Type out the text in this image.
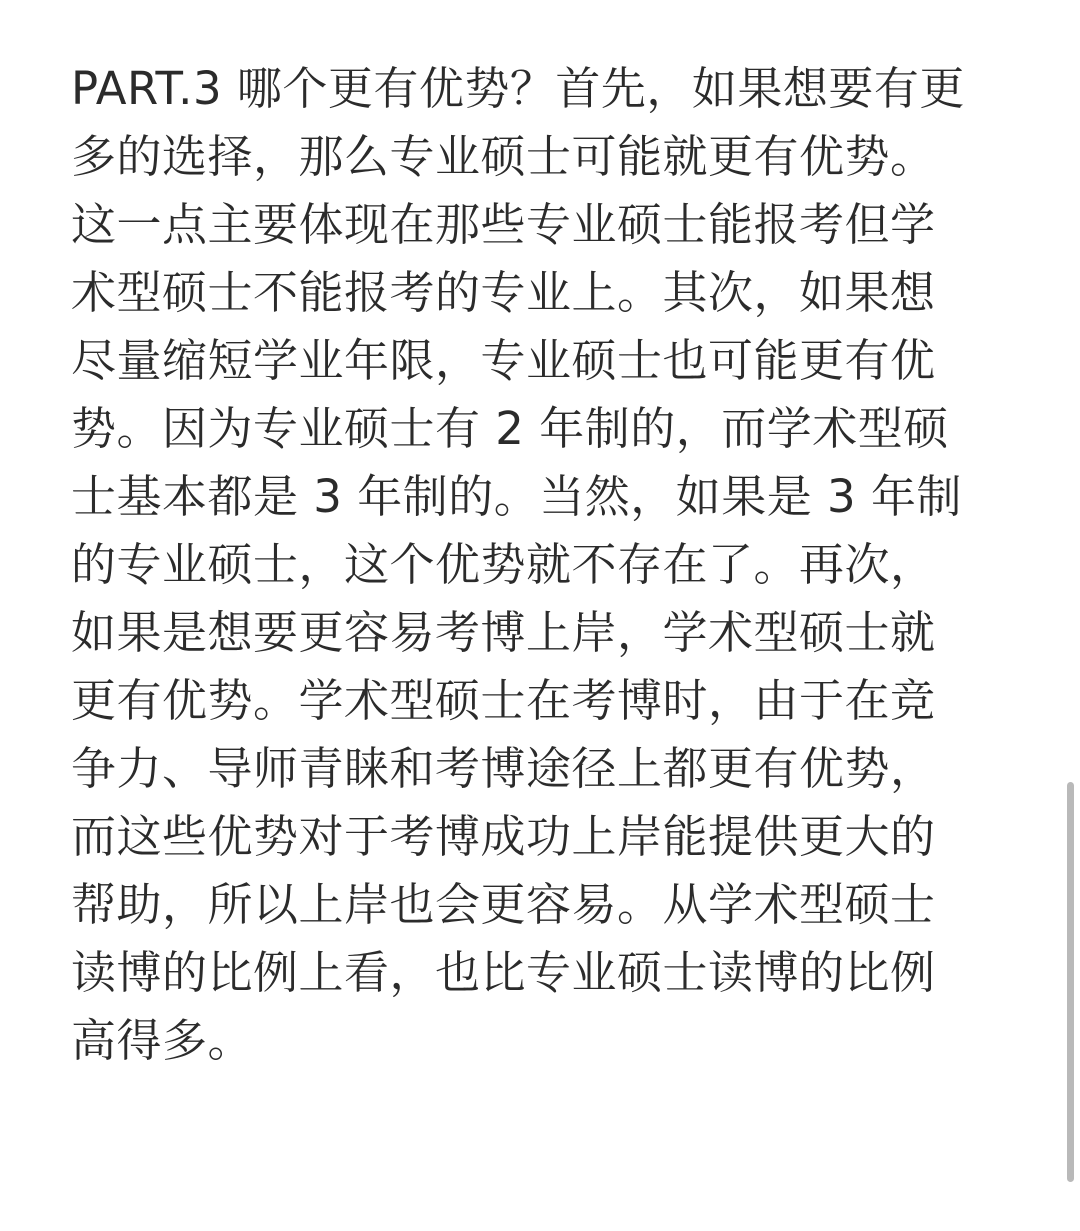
PART.3 哪个更有优势？首先，如果想要有更
多的选择，那么专业硕士可能就更有优势。
这一点主要体现在那些专业硕士能报考但学
术型硕士不能报考的专业上。其次，如果想
尽量缩短学业年限，专业硕士也可能更有优
势。因为专业硕士有 2 年制的，而学术型硕
士基本都是 3 年制的。当然，如果是 3 年制
的专业硕士，这个优势就不存在了。再次，
如果是想要更容易考博上岸，学术型硕士就
更有优势。学术型硕士在考博时，由于在竞
争力、导师青睐和考博途径上都更有优势，
而这些优势对于考博成功上岸能提供更大的
帮助，所以上岸也会更容易。从学术型硕士
读博的比例上看，也比专业硕士读博的比例
高得多。
